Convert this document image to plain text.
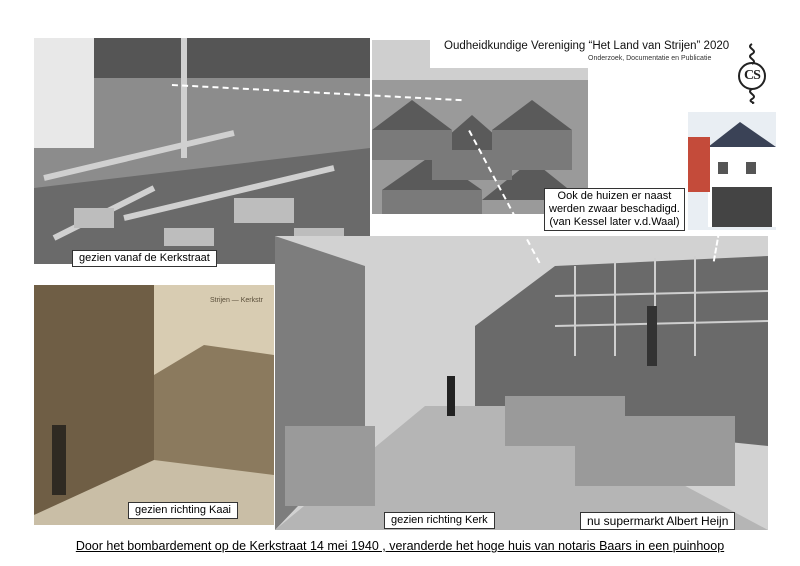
Strijen — Kerkstr
Oudheidkundige Vereniging “Het Land van Strijen” 2020
Onderzoek, Documentatie en Publicatie
CS
gezien vanaf de Kerkstraat
Ook de huizen er naast
werden zwaar beschadigd.
(van Kessel later v.d.Waal)
gezien richting Kaai
gezien richting Kerk	nu supermarkt Albert Heijn
Door het bombardement op de Kerkstraat 14 mei 1940 , veranderde het hoge huis van notaris Baars in een puinhoop
